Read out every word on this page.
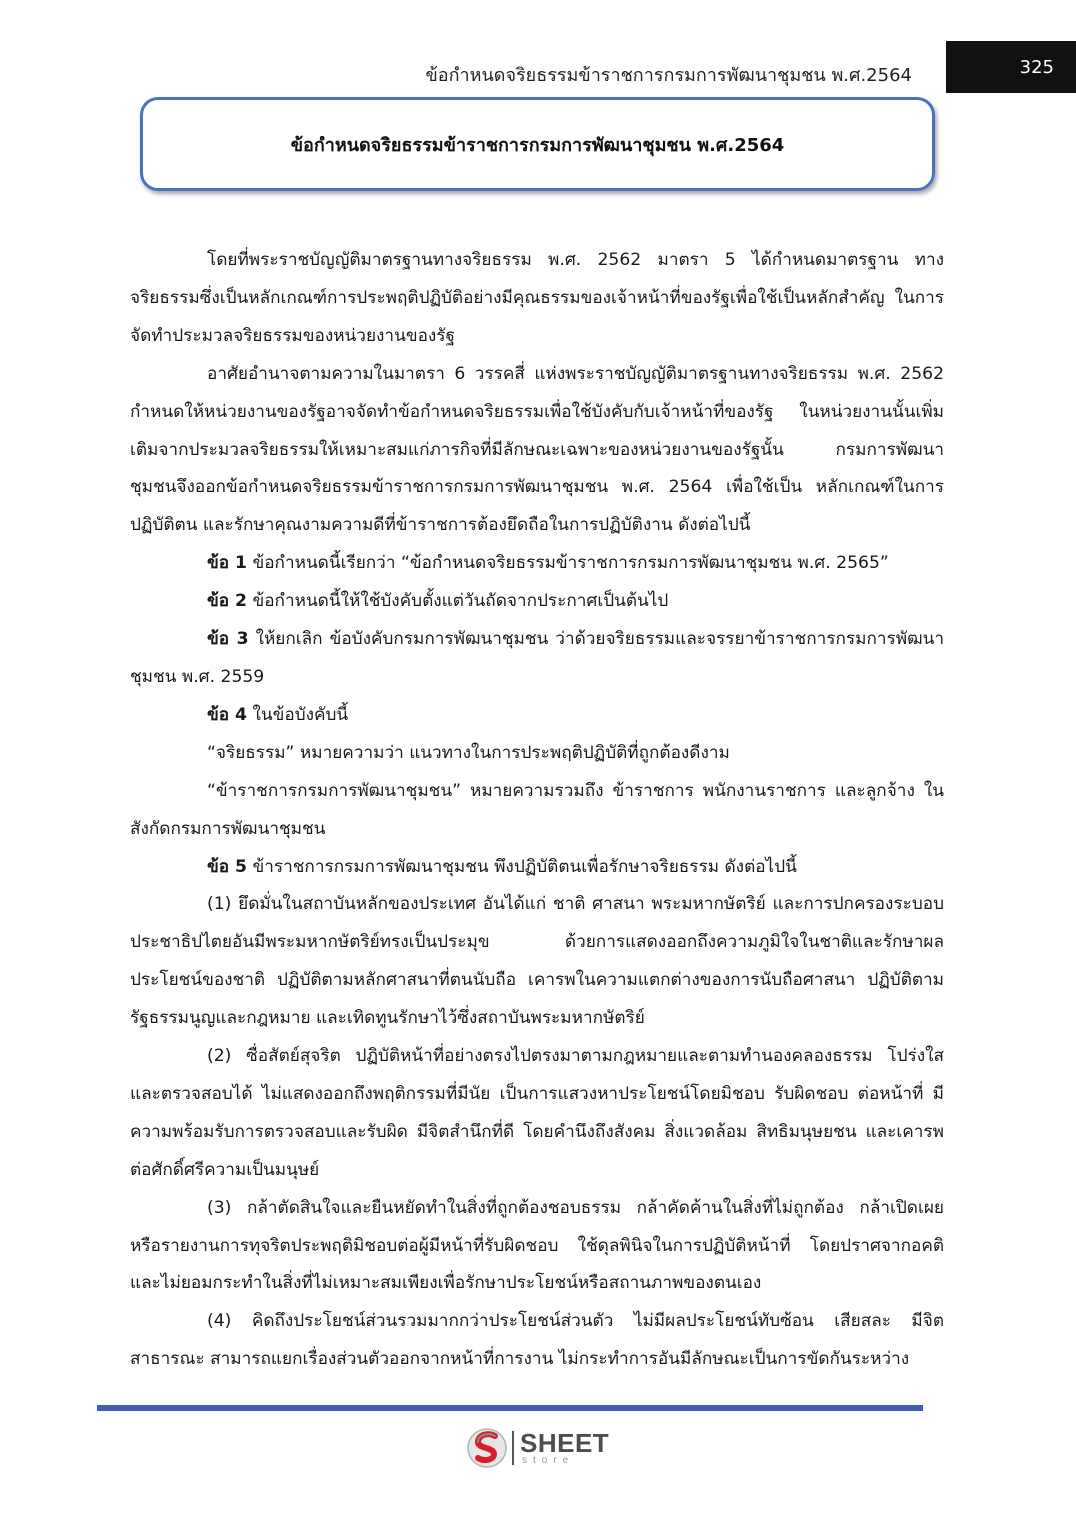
ข้อกำหนดจริยธรรมข้าราชการกรมการพัฒนาชุมชน พ.ศ.2564	325
ข้อกำหนดจริยธรรมข้าราชการกรมการพัฒนาชุมชน พ.ศ.2564

โดยที่พระราชบัญญัติมาตรฐานทางจริยธรรม พ.ศ. 2562 มาตรา 5 ได้กำหนดมาตรฐาน ทางจริยธรรมซึ่งเป็นหลักเกณฑ์การประพฤติปฏิบัติอย่างมีคุณธรรมของเจ้าหน้าที่ของรัฐเพื่อใช้เป็นหลักสำคัญ ในการจัดทำประมวลจริยธรรมของหน่วยงานของรัฐ

อาศัยอำนาจตามความในมาตรา 6 วรรคสี่ แห่งพระราชบัญญัติมาตรฐานทางจริยธรรม พ.ศ. 2562 กำหนดให้หน่วยงานของรัฐอาจจัดทำข้อกำหนดจริยธรรมเพื่อใช้บังคับกับเจ้าหน้าที่ของรัฐ ในหน่วยงานนั้นเพิ่มเติมจากประมวลจริยธรรมให้เหมาะสมแก่ภารกิจที่มีลักษณะเฉพาะของหน่วยงานของรัฐนั้น กรมการพัฒนาชุมชนจึงออกข้อกำหนดจริยธรรมข้าราชการกรมการพัฒนาชุมชน พ.ศ. 2564 เพื่อใช้เป็น หลักเกณฑ์ในการปฏิบัติตน และรักษาคุณงามความดีที่ข้าราชการต้องยึดถือในการปฏิบัติงาน ดังต่อไปนี้

ข้อ 1 ข้อกำหนดนี้เรียกว่า “ข้อกำหนดจริยธรรมข้าราชการกรมการพัฒนาชุมชน พ.ศ. 2565”

ข้อ 2 ข้อกำหนดนี้ให้ใช้บังคับตั้งแต่วันถัดจากประกาศเป็นต้นไป

ข้อ 3 ให้ยกเลิก ข้อบังคับกรมการพัฒนาชุมชน ว่าด้วยจริยธรรมและจรรยาข้าราชการกรมการพัฒนาชุมชน พ.ศ. 2559

ข้อ 4 ในข้อบังคับนี้

“จริยธรรม” หมายความว่า แนวทางในการประพฤติปฏิบัติที่ถูกต้องดีงาม

“ข้าราชการกรมการพัฒนาชุมชน” หมายความรวมถึง ข้าราชการ พนักงานราชการ และลูกจ้าง ในสังกัดกรมการพัฒนาชุมชน

ข้อ 5 ข้าราชการกรมการพัฒนาชุมชน พึงปฏิบัติตนเพื่อรักษาจริยธรรม ดังต่อไปนี้

(1) ยึดมั่นในสถาบันหลักของประเทศ อันได้แก่ ชาติ ศาสนา พระมหากษัตริย์ และการปกครองระบอบประชาธิปไตยอันมีพระมหากษัตริย์ทรงเป็นประมุข ด้วยการแสดงออกถึงความภูมิใจในชาติและรักษาผลประโยชน์ของชาติ ปฏิบัติตามหลักศาสนาที่ตนนับถือ เคารพในความแตกต่างของการนับถือศาสนา ปฏิบัติตามรัฐธรรมนูญและกฎหมาย และเทิดทูนรักษาไว้ซึ่งสถาบันพระมหากษัตริย์

(2) ซื่อสัตย์สุจริต ปฏิบัติหน้าที่อย่างตรงไปตรงมาตามกฎหมายและตามทำนองคลองธรรม โปร่งใสและตรวจสอบได้ ไม่แสดงออกถึงพฤติกรรมที่มีนัย เป็นการแสวงหาประโยชน์โดยมิชอบ รับผิดชอบ ต่อหน้าที่ มีความพร้อมรับการตรวจสอบและรับผิด มีจิตสำนึกที่ดี โดยคำนึงถึงสังคม สิ่งแวดล้อม สิทธิมนุษยชน และเคารพต่อศักดิ์ศรีความเป็นมนุษย์

(3) กล้าตัดสินใจและยืนหยัดทำในสิ่งที่ถูกต้องชอบธรรม กล้าคัดค้านในสิ่งที่ไม่ถูกต้อง กล้าเปิดเผยหรือรายงานการทุจริตประพฤติมิชอบต่อผู้มีหน้าที่รับผิดชอบ ใช้ดุลพินิจในการปฏิบัติหน้าที่ โดยปราศจากอคติและไม่ยอมกระทำในสิ่งที่ไม่เหมาะสมเพียงเพื่อรักษาประโยชน์หรือสถานภาพของตนเอง

(4) คิดถึงประโยชน์ส่วนรวมมากกว่าประโยชน์ส่วนตัว ไม่มีผลประโยชน์ทับซ้อน เสียสละ มีจิตสาธารณะ สามารถแยกเรื่องส่วนตัวออกจากหน้าที่การงาน ไม่กระทำการอันมีลักษณะเป็นการขัดกันระหว่าง

SHEET
store
